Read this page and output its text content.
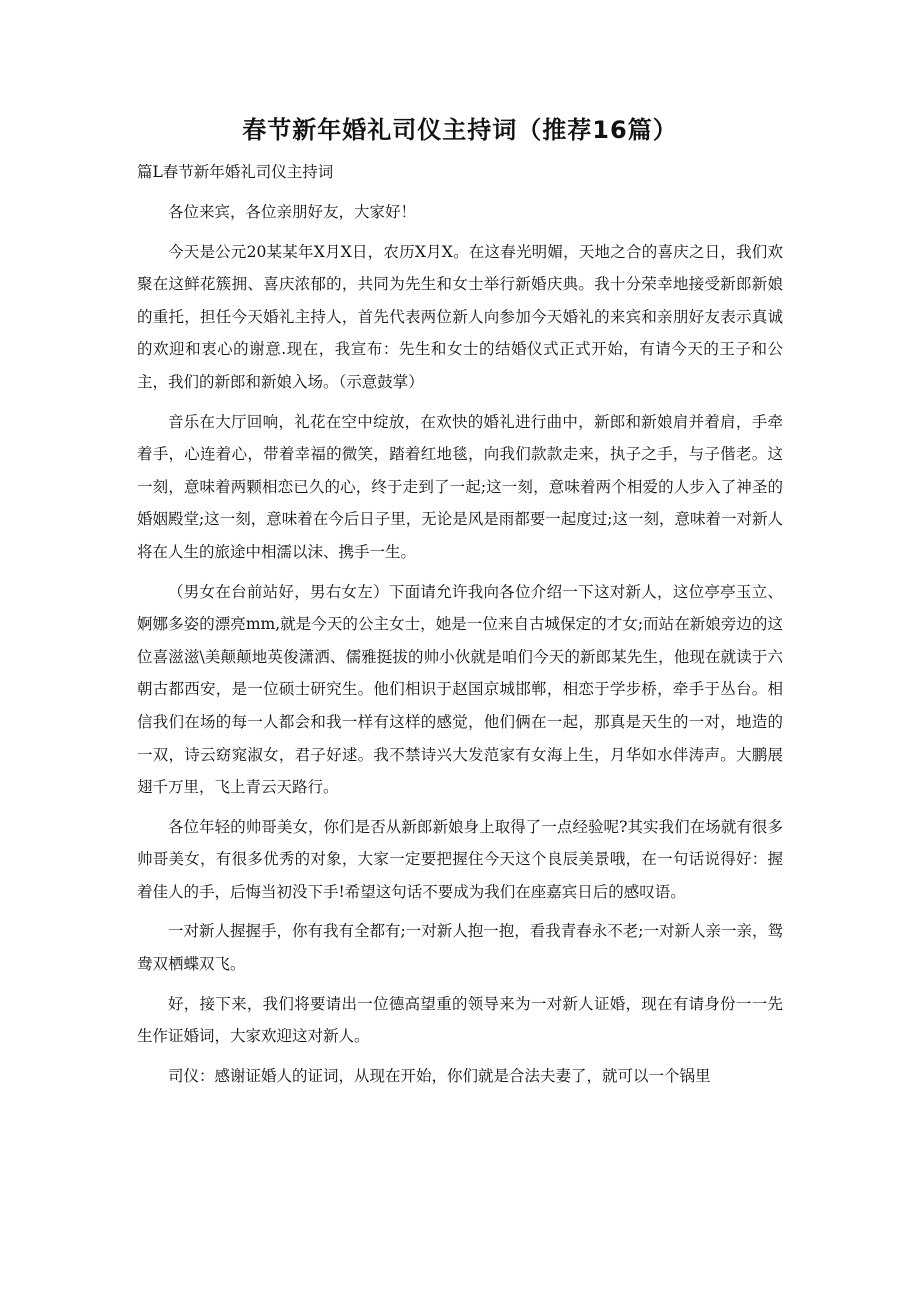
春节新年婚礼司仪主持词（推荐16篇）
篇L春节新年婚礼司仪主持词

各位来宾，各位亲朋好友，大家好！

今天是公元20某某年X月X日，农历X月X。在这春光明媚，天地之合的喜庆之日，我们欢聚在这鲜花簇拥、喜庆浓郁的，共同为先生和女士举行新婚庆典。我十分荣幸地接受新郎新娘的重托，担任今天婚礼主持人，首先代表两位新人向参加今天婚礼的来宾和亲朋好友表示真诚的欢迎和衷心的谢意.现在，我宣布：先生和女士的结婚仪式正式开始，有请今天的王子和公主，我们的新郎和新娘入场。（示意鼓掌）

音乐在大厅回响，礼花在空中绽放，在欢快的婚礼进行曲中，新郎和新娘肩并着肩，手牵着手，心连着心，带着幸福的微笑，踏着红地毯，向我们款款走来，执子之手，与子偕老。这一刻，意味着两颗相恋已久的心，终于走到了一起;这一刻，意味着两个相爱的人步入了神圣的婚姻殿堂;这一刻，意味着在今后日子里，无论是风是雨都要一起度过;这一刻，意味着一对新人将在人生的旅途中相濡以沫、携手一生。

（男女在台前站好，男右女左）下面请允许我向各位介绍一下这对新人，这位亭亭玉立、婀娜多姿的漂亮mm,就是今天的公主女士，她是一位来自古城保定的才女;而站在新娘旁边的这位喜滋滋\美颠颠地英俊潇洒、儒雅挺拔的帅小伙就是咱们今天的新郎某先生，他现在就读于六朝古都西安，是一位硕士研究生。他们相识于赵国京城邯郸，相恋于学步桥，牵手于丛台。相信我们在场的每一人都会和我一样有这样的感觉，他们俩在一起，那真是天生的一对，地造的一双，诗云窈窕淑女，君子好逑。我不禁诗兴大发范家有女海上生，月华如水伴涛声。大鹏展翅千万里，飞上青云天路行。

各位年轻的帅哥美女，你们是否从新郎新娘身上取得了一点经验呢?其实我们在场就有很多帅哥美女，有很多优秀的对象，大家一定要把握住今天这个良辰美景哦，在一句话说得好：握着佳人的手，后悔当初没下手!希望这句话不要成为我们在座嘉宾日后的感叹语。

一对新人握握手，你有我有全都有;一对新人抱一抱，看我青春永不老;一对新人亲一亲，鸳鸯双栖蝶双飞。

好，接下来，我们将要请出一位德高望重的领导来为一对新人证婚，现在有请身份一一先生作证婚词，大家欢迎这对新人。

司仪：感谢证婚人的证词，从现在开始，你们就是合法夫妻了，就可以一个锅里
